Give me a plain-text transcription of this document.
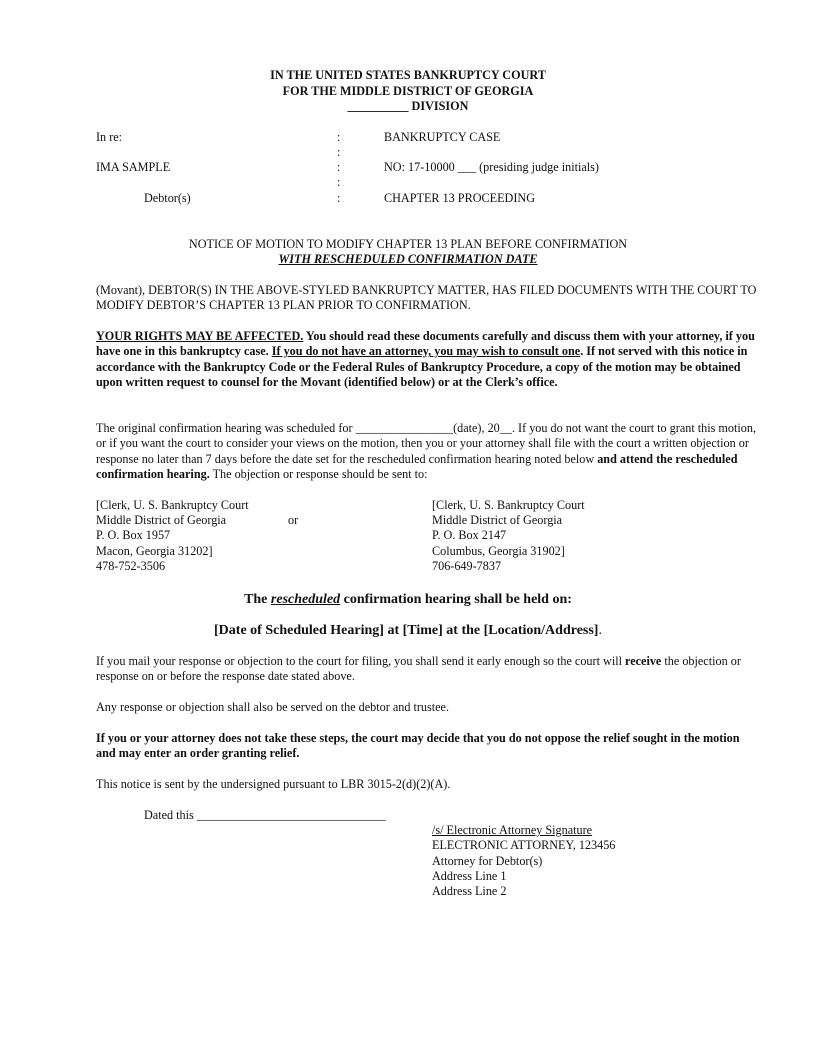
IN THE UNITED STATES BANKRUPTCY COURT
FOR THE MIDDLE DISTRICT OF GEORGIA
__________ DIVISION
In re:	:	BANKRUPTCY CASE
:
IMA SAMPLE	:	NO: 17-10000 ___ (presiding judge initials)
:
Debtor(s)	:	CHAPTER 13 PROCEEDING
NOTICE OF MOTION TO MODIFY CHAPTER 13 PLAN BEFORE CONFIRMATION
WITH RESCHEDULED CONFIRMATION DATE
(Movant), DEBTOR(S) IN THE ABOVE-STYLED BANKRUPTCY MATTER, HAS FILED DOCUMENTS WITH THE COURT TO MODIFY DEBTOR’S CHAPTER 13 PLAN PRIOR TO CONFIRMATION.
YOUR RIGHTS MAY BE AFFECTED. You should read these documents carefully and discuss them with your attorney, if you have one in this bankruptcy case. If you do not have an attorney, you may wish to consult one. If not served with this notice in accordance with the Bankruptcy Code or the Federal Rules of Bankruptcy Procedure, a copy of the motion may be obtained upon written request to counsel for the Movant (identified below) or at the Clerk’s office.
The original confirmation hearing was scheduled for ________________(date), 20__. If you do not want the court to grant this motion, or if you want the court to consider your views on the motion, then you or your attorney shall file with the court a written objection or response no later than 7 days before the date set for the rescheduled confirmation hearing noted below and attend the rescheduled confirmation hearing. The objection or response should be sent to:
[Clerk, U. S. Bankruptcy Court
Middle District of Georgia
P. O. Box 1957
Macon, Georgia 31202]
478-752-3506
or
[Clerk, U. S. Bankruptcy Court
Middle District of Georgia
P. O. Box 2147
Columbus, Georgia 31902]
706-649-7837
The rescheduled confirmation hearing shall be held on:
[Date of Scheduled Hearing] at [Time] at the [Location/Address].
If you mail your response or objection to the court for filing, you shall send it early enough so the court will receive the objection or response on or before the response date stated above.
Any response or objection shall also be served on the debtor and trustee.
If you or your attorney does not take these steps, the court may decide that you do not oppose the relief sought in the motion and may enter an order granting relief.
This notice is sent by the undersigned pursuant to LBR 3015-2(d)(2)(A).
Dated this _______________________________
/s/ Electronic Attorney Signature
ELECTRONIC ATTORNEY, 123456
Attorney for Debtor(s)
Address Line 1
Address Line 2
